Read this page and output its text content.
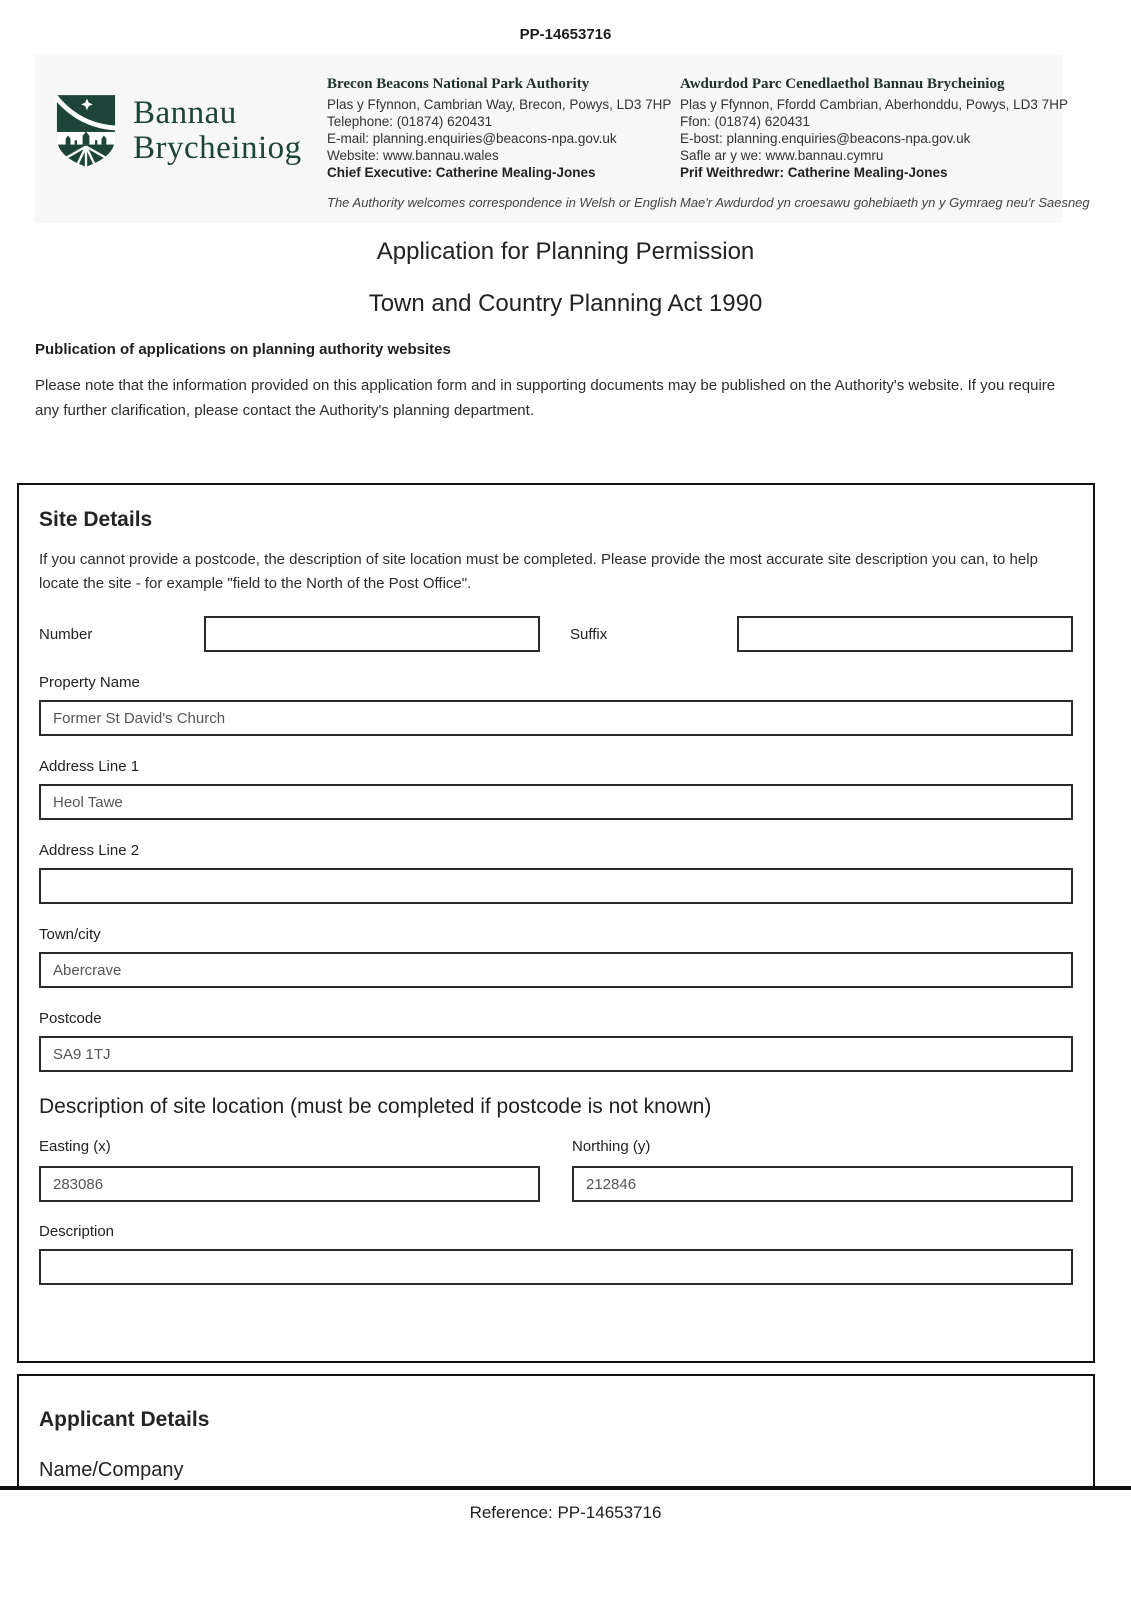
PP-14653716
Bannau
Brycheiniog
Brecon Beacons National Park Authority
Plas y Ffynnon, Cambrian Way, Brecon, Powys, LD3 7HP
Telephone: (01874) 620431
E-mail: planning.enquiries@beacons-npa.gov.uk
Website: www.bannau.wales
Chief Executive: Catherine Mealing-Jones
The Authority welcomes correspondence in Welsh or English
Awdurdod Parc Cenedlaethol Bannau Brycheiniog
Plas y Ffynnon, Ffordd Cambrian, Aberhonddu, Powys, LD3 7HP
Ffon: (01874) 620431
E-bost: planning.enquiries@beacons-npa.gov.uk
Safle ar y we: www.bannau.cymru
Prif Weithredwr: Catherine Mealing-Jones
Mae'r Awdurdod yn croesawu gohebiaeth yn y Gymraeg neu'r Saesneg
Application for Planning Permission
Town and Country Planning Act 1990
Publication of applications on planning authority websites

Please note that the information provided on this application form and in supporting documents may be published on the Authority's website. If you require any further clarification, please contact the Authority's planning department.

Site Details

If you cannot provide a postcode, the description of site location must be completed. Please provide the most accurate site description you can, to help locate the site - for example "field to the North of the Post Office".

Number	Suffix
Property Name
Former St David's Church
Address Line 1
Heol Tawe
Address Line 2
Town/city
Abercrave
Postcode
SA9 1TJ
Description of site location (must be completed if postcode is not known)
Easting (x)
283086	Northing (y)
212846
Description
Applicant Details
Name/Company
Reference: PP-14653716
